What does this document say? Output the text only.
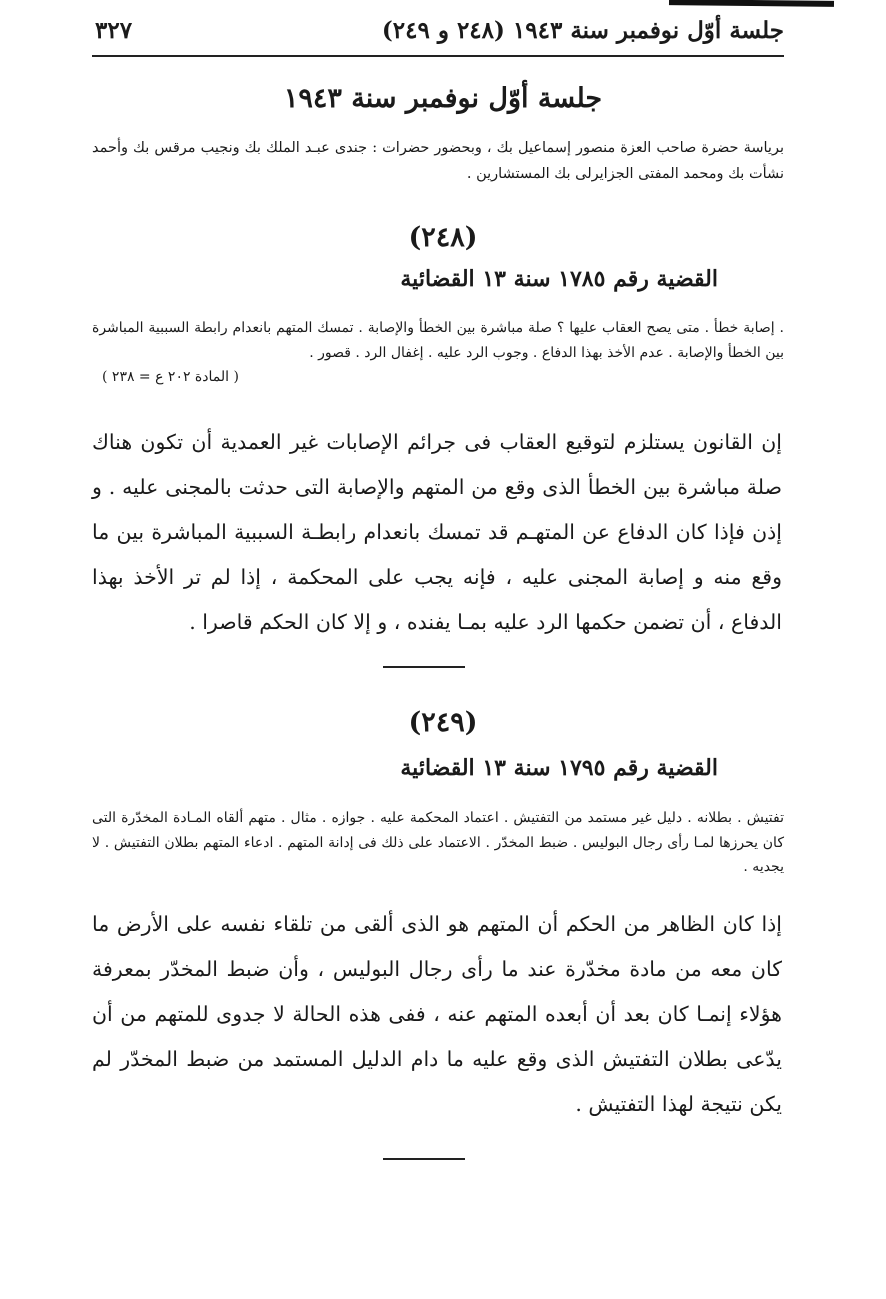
جلسة أوّل نوفمبر سنة ١٩٤٣ (٢٤٨ و ٢٤٩)
٣٢٧
جلسة أوّل نوفمبر سنة ١٩٤٣
برياسة حضرة صاحب العزة منصور إسماعيل بك ، وبحضور حضرات : جندى عبـد الملك بك ونجيب مرقس بك وأحمد نشأت بك ومحمد المفتى الجزايرلى بك المستشارين .
(٢٤٨)
القضية رقم ١٧٨٥ سنة ١٣ القضائية
. إصابة خطأ . متى يصح العقاب عليها ؟ صلة مباشرة بين الخطأ والإصابة . تمسك المتهم بانعدام رابطة السببية المباشرة بين الخطأ والإصابة . عدم الأخذ بهذا الدفاع . وجوب الرد عليه . إغفال الرد . قصور .
( المادة ٢٠٢ ع = ٢٣٨ )
إن القانون يستلزم لتوقيع العقاب فى جرائم الإصابات غير العمدية أن تكون هناك صلة مباشرة بين الخطأ الذى وقع من المتهم والإصابة التى حدثت بالمجنى عليه . و إذن فإذا كان الدفاع عن المتهـم قد تمسك بانعدام رابطـة السببية المباشرة بين ما وقع منه و إصابة المجنى عليه ، فإنه يجب على المحكمة ، إذا لم تر الأخذ بهذا الدفاع ، أن تضمن حكمها الرد عليه بمـا يفنده ، و إلا كان الحكم قاصرا .
(٢٤٩)
القضية رقم ١٧٩٥ سنة ١٣ القضائية
تفتيش . بطلانه . دليل غير مستمد من التفتيش . اعتماد المحكمة عليه . جوازه . مثال . متهم ألقاه المـادة المخدّرة التى كان يحرزها لمـا رأى رجال البوليس . ضبط المخدّر . الاعتماد على ذلك فى إدانة المتهم . ادعاء المتهم بطلان التفتيش . لا يجديه .
إذا كان الظاهر من الحكم أن المتهم هو الذى ألقى من تلقاء نفسه على الأرض ما كان معه من مادة مخدّرة عند ما رأى رجال البوليس ، وأن ضبط المخدّر بمعرفة هؤلاء إنمـا كان بعد أن أبعده المتهم عنه ، ففى هذه الحالة لا جدوى للمتهم من أن يدّعى بطلان التفتيش الذى وقع عليه ما دام الدليل المستمد من ضبط المخدّر لم يكن نتيجة لهذا التفتيش .
